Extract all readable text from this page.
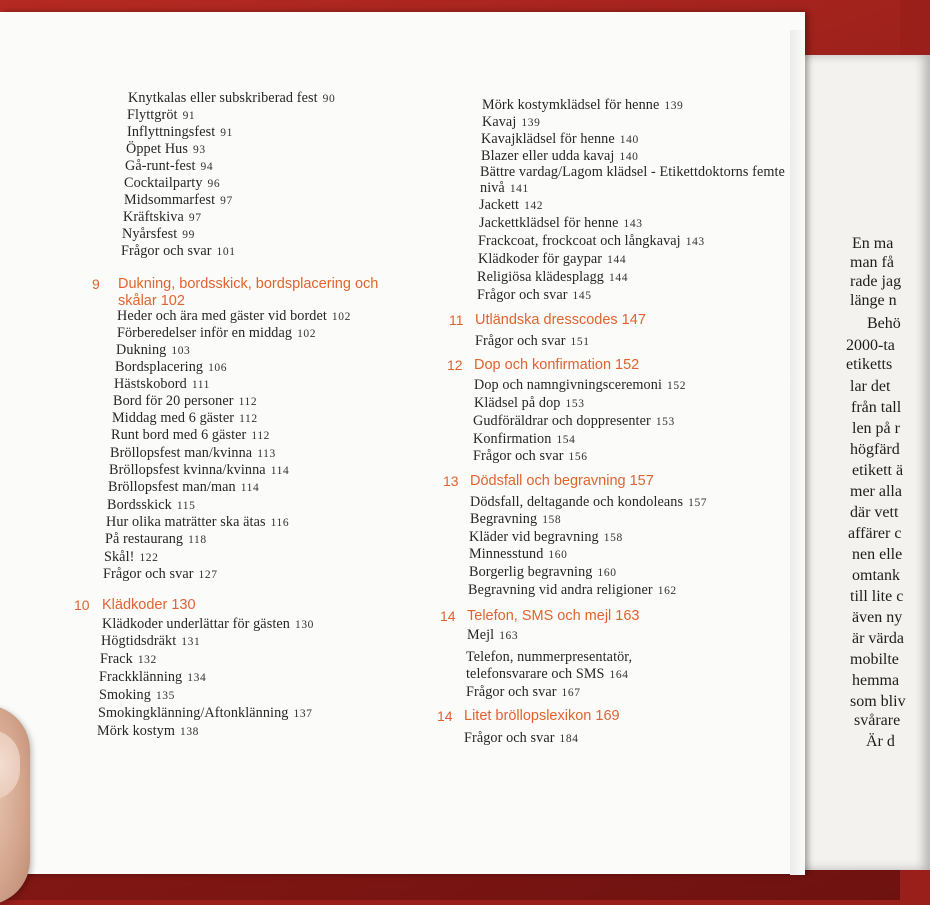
En ma
man få
rade jag
länge n
Behö
2000-ta
etiketts
lar det
från tall
len på r
högfärd
etikett ä
mer alla
där vett
affärer c
nen elle
omtank
till lite c
även ny
är värda
mobilte
hemma
som bliv
svårare
Är d
Knytkalas eller subskriberad fest 90
Flyttgröt 91
Inflyttningsfest 91
Öppet Hus 93
Gå-runt-fest 94
Cocktailparty 96
Midsommarfest 97
Kräftskiva 97
Nyårsfest 99
Frågor och svar 101
9 Dukning, bordsskick, bordsplacering och
skålar 102
Heder och ära med gäster vid bordet 102
Förberedelser inför en middag 102
Dukning 103
Bordsplacering 106
Hästskobord 111
Bord för 20 personer 112
Middag med 6 gäster 112
Runt bord med 6 gäster 112
Bröllopsfest man/kvinna 113
Bröllopsfest kvinna/kvinna 114
Bröllopsfest man/man 114
Bordsskick 115
Hur olika maträtter ska ätas 116
På restaurang 118
Skål! 122
Frågor och svar 127
10 Klädkoder 130
Klädkoder underlättar för gästen 130
Högtidsdräkt 131
Frack 132
Frackklänning 134
Smoking 135
Smokingklänning/Aftonklänning 137
Mörk kostym 138
Mörk kostymklädsel för henne 139
Kavaj 139
Kavajklädsel för henne 140
Blazer eller udda kavaj 140
Bättre vardag/Lagom klädsel - Etikettdoktorns femte
nivå 141
Jackett 142
Jackettklädsel för henne 143
Frackcoat, frockcoat och långkavaj 143
Klädkoder för gaypar 144
Religiösa klädesplagg 144
Frågor och svar 145
11 Utländska dresscodes 147
Frågor och svar 151
12 Dop och konfirmation 152
Dop och namngivningsceremoni 152
Klädsel på dop 153
Gudföräldrar och doppresenter 153
Konfirmation 154
Frågor och svar 156
13 Dödsfall och begravning 157
Dödsfall, deltagande och kondoleans 157
Begravning 158
Kläder vid begravning 158
Minnesstund 160
Borgerlig begravning 160
Begravning vid andra religioner 162
14 Telefon, SMS och mejl 163
Mejl 163
Telefon, nummerpresentatör,
telefonsvarare och SMS 164
Frågor och svar 167
14 Litet bröllopslexikon 169
Frågor och svar 184
